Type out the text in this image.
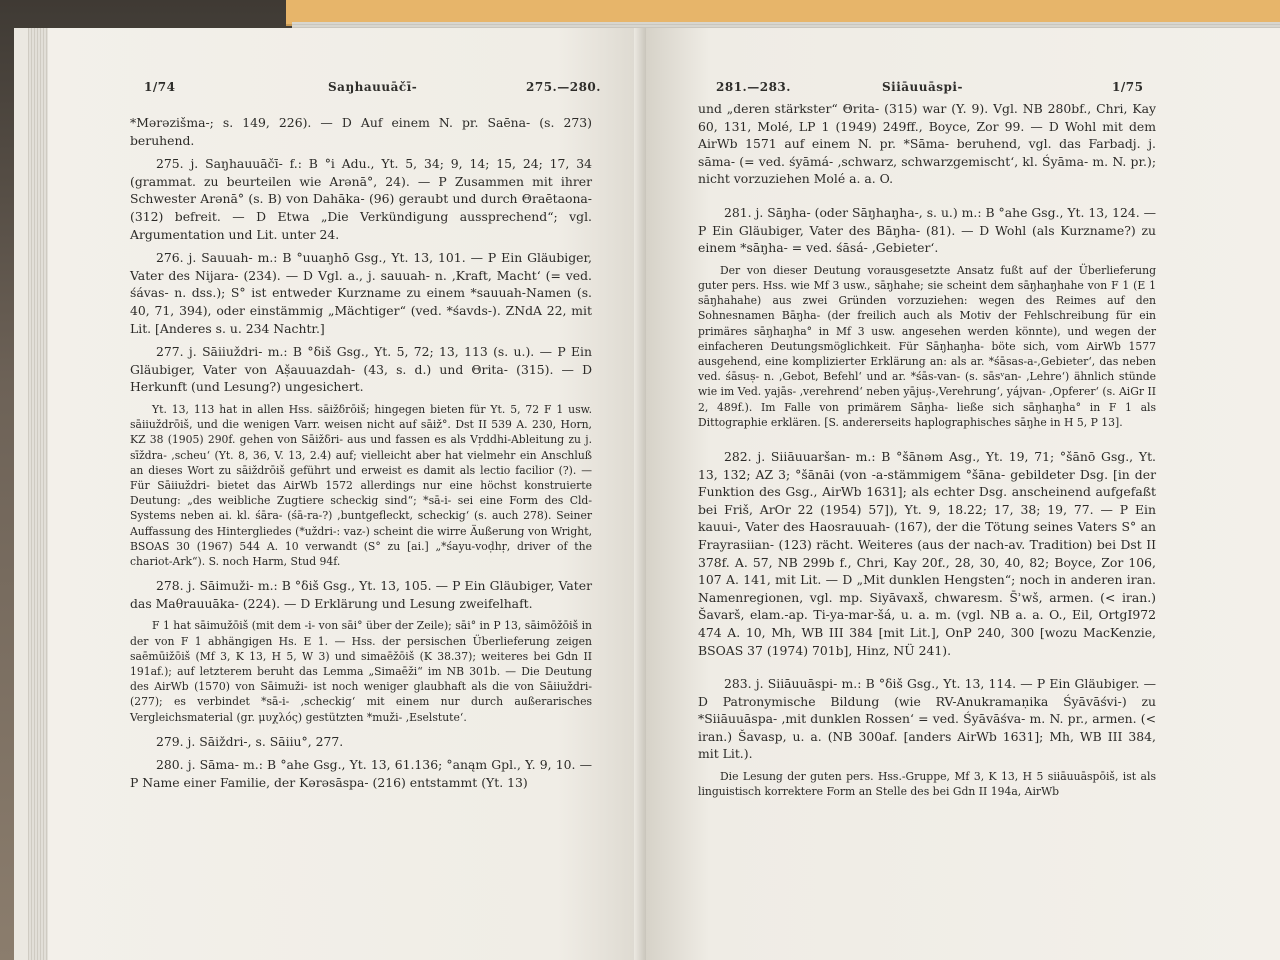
1/74	Saŋhauuāčī-	275.—280.

*Mərəzišma-; s. 149, 226). — D Auf einem N. pr. Saēna- (s. 273) beruhend.

275. j. Saŋhauuāčī- f.: B °i Adu., Yt. 5, 34; 9, 14; 15, 24; 17, 34 (grammat. zu beurteilen wie Arənā°, 24). — P Zusammen mit ihrer Schwester Arənā° (s. B) von Dahāka- (96) geraubt und durch Θraētaona- (312) befreit. — D Etwa „Die Verkündigung aussprechend“; vgl. Argumentation und Lit. unter 24.

276. j. Sauuah- m.: B °uuaŋhō Gsg., Yt. 13, 101. — P Ein Gläubiger, Vater des Nijara- (234). — D Vgl. a., j. sauuah- n. ‚Kraft, Macht‘ (= ved. śávas- n. dss.); S° ist entweder Kurzname zu einem *sauuah-Namen (s. 40, 71, 394), oder einstämmig „Mächtiger“ (ved. *śavds-). ZNdA 22, mit Lit. [Anderes s. u. 234 Nachtr.]

277. j. Sāiiuždri- m.: B °δiš Gsg., Yt. 5, 72; 13, 113 (s. u.). — P Ein Gläubiger, Vater von Aṣ̌auuazdah- (43, s. d.) und Θrita- (315). — D Herkunft (und Lesung?) ungesichert.

Yt. 13, 113 hat in allen Hss. sāižδrōiš; hingegen bieten für Yt. 5, 72 F 1 usw. sāiiuždrōiš, und die wenigen Varr. weisen nicht auf sāiž°. Dst II 539 A. 230, Horn, KZ 38 (1905) 290f. gehen von Sāižδri- aus und fassen es als Vṛddhi-Ableitung zu j. sīždra- ‚scheu‘ (Yt. 8, 36, V. 13, 2.4) auf; vielleicht aber hat vielmehr ein Anschluß an dieses Wort zu sāiždrōiš geführt und erweist es damit als lectio facilior (?). — Für Sāiiuždri- bietet das AirWb 1572 allerdings nur eine höchst konstruierte Deutung: „des weibliche Zugtiere scheckig sind“; *sā-i- sei eine Form des Cld-Systems neben ai. kl. śāra- (śā-ra-?) ‚buntgefleckt, scheckig‘ (s. auch 278). Seiner Auffassung des Hintergliedes (*uždri-: vaz-) scheint die wirre Äußerung von Wright, BSOAS 30 (1967) 544 A. 10 verwandt (S° zu [ai.] „*śayu-voḍhṛ, driver of the chariot-Ark“). S. noch Harm, Stud 94f.

278. j. Sāimuži- m.: B °δiš Gsg., Yt. 13, 105. — P Ein Gläubiger, Vater das Maθrauuāka- (224). — D Erklärung und Lesung zweifelhaft.

F 1 hat sāimužōiš (mit dem -i- von sāi° über der Zeile); sāi° in P 13, sāimōžōiš in der von F 1 abhängigen Hs. E 1. — Hss. der persischen Überlieferung zeigen saēmūižōiš (Mf 3, K 13, H 5, W 3) und simaēžōiš (K 38.37); weiteres bei Gdn II 191af.); auf letzterem beruht das Lemma „Simaēži“ im NB 301b. — Die Deutung des AirWb (1570) von Sāimuži- ist noch weniger glaubhaft als die von Sāiiuždri- (277); es verbindet *sā-i- ‚scheckig‘ mit einem nur durch außerarisches Vergleichsmaterial (gr. μυχλός) gestützten *muži- ‚Eselstute‘.

279. j. Sāiždri-, s. Sāiiu°, 277.

280. j. Sāma- m.: B °ahe Gsg., Yt. 13, 61.136; °anąm Gpl., Y. 9, 10. — P Name einer Familie, der Kərəsāspa- (216) entstammt (Yt. 13)

281.—283.	Siiāuuāspi-	1/75

und „deren stärkster“ Θrita- (315) war (Y. 9). Vgl. NB 280bf., Chri, Kay 60, 131, Molé, LP 1 (1949) 249ff., Boyce, Zor 99. — D Wohl mit dem AirWb 1571 auf einem N. pr. *Sāma- beruhend, vgl. das Farbadj. j. sāma- (= ved. śyāmá- ‚schwarz, schwarzgemischt‘, kl. Śyāma- m. N. pr.); nicht vorzuziehen Molé a. a. O.

281. j. Sāŋha- (oder Sāŋhaŋha-, s. u.) m.: B °ahe Gsg., Yt. 13, 124. — P Ein Gläubiger, Vater des Bāŋha- (81). — D Wohl (als Kurzname?) zu einem *sāŋha- = ved. śāsá- ‚Gebieter‘.

Der von dieser Deutung vorausgesetzte Ansatz fußt auf der Überlieferung guter pers. Hss. wie Mf 3 usw., sāŋhahe; sie scheint dem sāŋhaŋhahe von F 1 (E 1 sāŋhahahe) aus zwei Gründen vorzuziehen: wegen des Reimes auf den Sohnesnamen Bāŋha- (der freilich auch als Motiv der Fehlschreibung für ein primäres sāŋhaŋha° in Mf 3 usw. angesehen werden könnte), und wegen der einfacheren Deutungsmöglichkeit. Für Sāŋhaŋha- böte sich, vom AirWb 1577 ausgehend, eine komplizierter Erklärung an: als ar. *śāsas-a-‚Gebieter‘, das neben ved. śāsuṣ- n. ‚Gebot, Befehl‘ und ar. *śās-van- (s. sāsᵛan- ‚Lehre‘) ähnlich stünde wie im Ved. yajās- ‚verehrend‘ neben yājuṣ-‚Verehrung‘, yájvan- ‚Opferer‘ (s. AiGr II 2, 489f.). Im Falle von primärem Sāŋha- ließe sich sāŋhaŋha° in F 1 als Dittographie erklären. [S. andererseits haplographisches sāŋhe in H 5, P 13].

282. j. Siiāuuaršan- m.: B °šānəm Asg., Yt. 19, 71; °šānō Gsg., Yt. 13, 132; AZ 3; °šānāi (von -a-stämmigem °šāna- gebildeter Dsg. [in der Funktion des Gsg., AirWb 1631]; als echter Dsg. anscheinend aufgefaßt bei Friš, ArOr 22 (1954) 57]), Yt. 9, 18.22; 17, 38; 19, 77. — P Ein kauui-, Vater des Haosrauuah- (167), der die Tötung seines Vaters S° an Frayrasiian- (123) rächt. Weiteres (aus der nach-av. Tradition) bei Dst II 378f. A. 57, NB 299b f., Chri, Kay 20f., 28, 30, 40, 82; Boyce, Zor 106, 107 A. 141, mit Lit. — D „Mit dunklen Hengsten“; noch in anderen iran. Namenregionen, vgl. mp. Siyāvaxš, chwaresm. S̄ʾwš, armen. (< iran.) Šavarš, elam.-ap. Ti-ya-mar-šá, u. a. m. (vgl. NB a. a. O., Eil, OrtgI972 474 A. 10, Mh, WB III 384 [mit Lit.], OnP 240, 300 [wozu MacKenzie, BSOAS 37 (1974) 701b], Hinz, NÜ 241).

283. j. Siiāuuāspi- m.: B °δiš Gsg., Yt. 13, 114. — P Ein Gläubiger. — D Patronymische Bildung (wie RV-Anukramaṇika Śyāvāśvi-) zu *Siiāuuāspa- ‚mit dunklen Rossen‘ = ved. Śyāvāśva- m. N. pr., armen. (< iran.) Šavasp, u. a. (NB 300af. [anders AirWb 1631]; Mh, WB III 384, mit Lit.).

Die Lesung der guten pers. Hss.-Gruppe, Mf 3, K 13, H 5 siiāuuāspōiš, ist als linguistisch korrektere Form an Stelle des bei Gdn II 194a, AirWb
